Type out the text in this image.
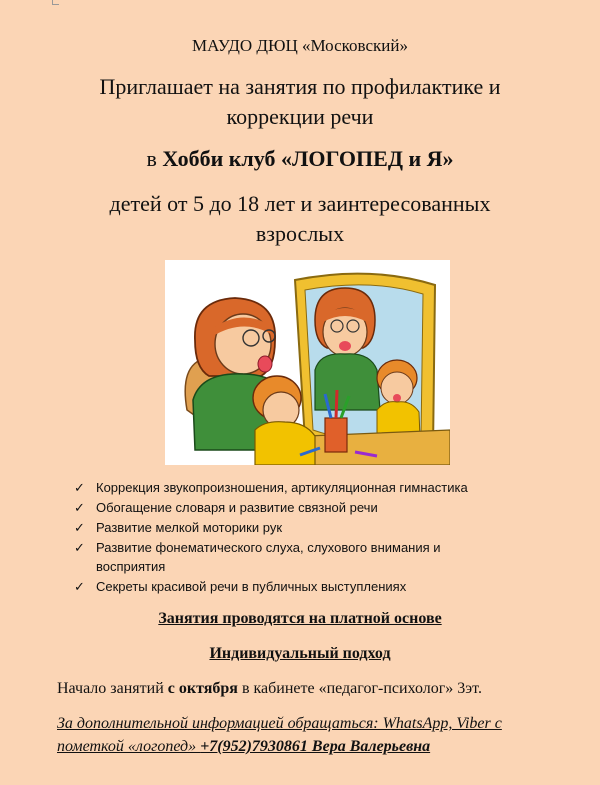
МАУДО ДЮЦ «Московский»
Приглашает на занятия по профилактике и
коррекции речи
в Хобби клуб «ЛОГОПЕД и Я»
детей от 5 до 18 лет и заинтересованных
взрослых
✓ Коррекция звукопроизношения, артикуляционная гимнастика
✓ Обогащение словаря и развитие связной речи
✓ Развитие мелкой моторики рук
✓ Развитие фонематического слуха, слухового внимания и
восприятия
✓ Секреты красивой речи в публичных выступлениях
Занятия проводятся на платной основе
Индивидуальный подход
Начало занятий с октября в кабинете «педагог-психолог» 3эт.
За дополнительной информацией обращаться: WhatsApp, Viber с
пометкой «логопед» +7(952)7930861 Вера Валерьевна
